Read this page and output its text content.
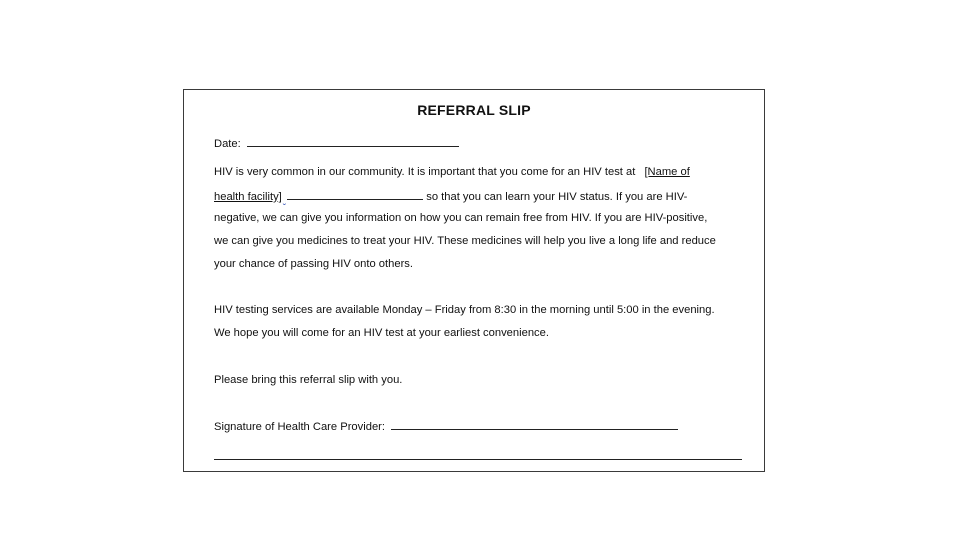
REFERRAL SLIP
Date:
HIV is very common in our community. It is important that you come for an HIV test at [Name of
health facility]ˬ	so that you can learn your HIV status. If you are HIV-
negative, we can give you information on how you can remain free from HIV. If you are HIV-positive,
we can give you medicines to treat your HIV. These medicines will help you live a long life and reduce
your chance of passing HIV onto others.
HIV testing services are available Monday – Friday from 8:30 in the morning until 5:00 in the evening.
We hope you will come for an HIV test at your earliest convenience.
Please bring this referral slip with you.
Signature of Health Care Provider:
